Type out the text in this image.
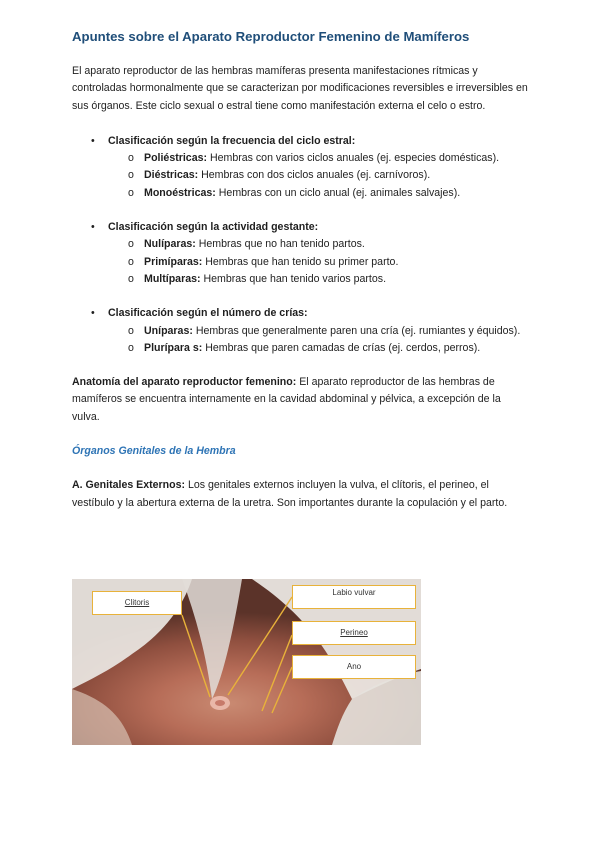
Apuntes sobre el Aparato Reproductor Femenino de Mamíferos

El aparato reproductor de las hembras mamíferas presenta manifestaciones rítmicas y controladas hormonalmente que se caracterizan por modificaciones reversibles e irreversibles en sus órganos. Este ciclo sexual o estral tiene como manifestación externa el celo o estro.

• Clasificación según la frecuencia del ciclo estral:
o Poliéstricas: Hembras con varios ciclos anuales (ej. especies domésticas).
o Diéstricas: Hembras con dos ciclos anuales (ej. carnívoros).
o Monoéstricas: Hembras con un ciclo anual (ej. animales salvajes).
• Clasificación según la actividad gestante:
o Nulíparas: Hembras que no han tenido partos.
o Primíparas: Hembras que han tenido su primer parto.
o Multíparas: Hembras que han tenido varios partos.
• Clasificación según el número de crías:
o Uníparas: Hembras que generalmente paren una cría (ej. rumiantes y équidos).
o Plurípara s: Hembras que paren camadas de crías (ej. cerdos, perros).

Anatomía del aparato reproductor femenino: El aparato reproductor de las hembras de mamíferos se encuentra internamente en la cavidad abdominal y pélvica, a excepción de la vulva.

Órganos Genitales de la Hembra

A. Genitales Externos: Los genitales externos incluyen la vulva, el clítoris, el perineo, el vestíbulo y la abertura externa de la uretra. Son importantes durante la copulación y el parto.

Clitoris
Labio vulvar
Perineo
Ano
